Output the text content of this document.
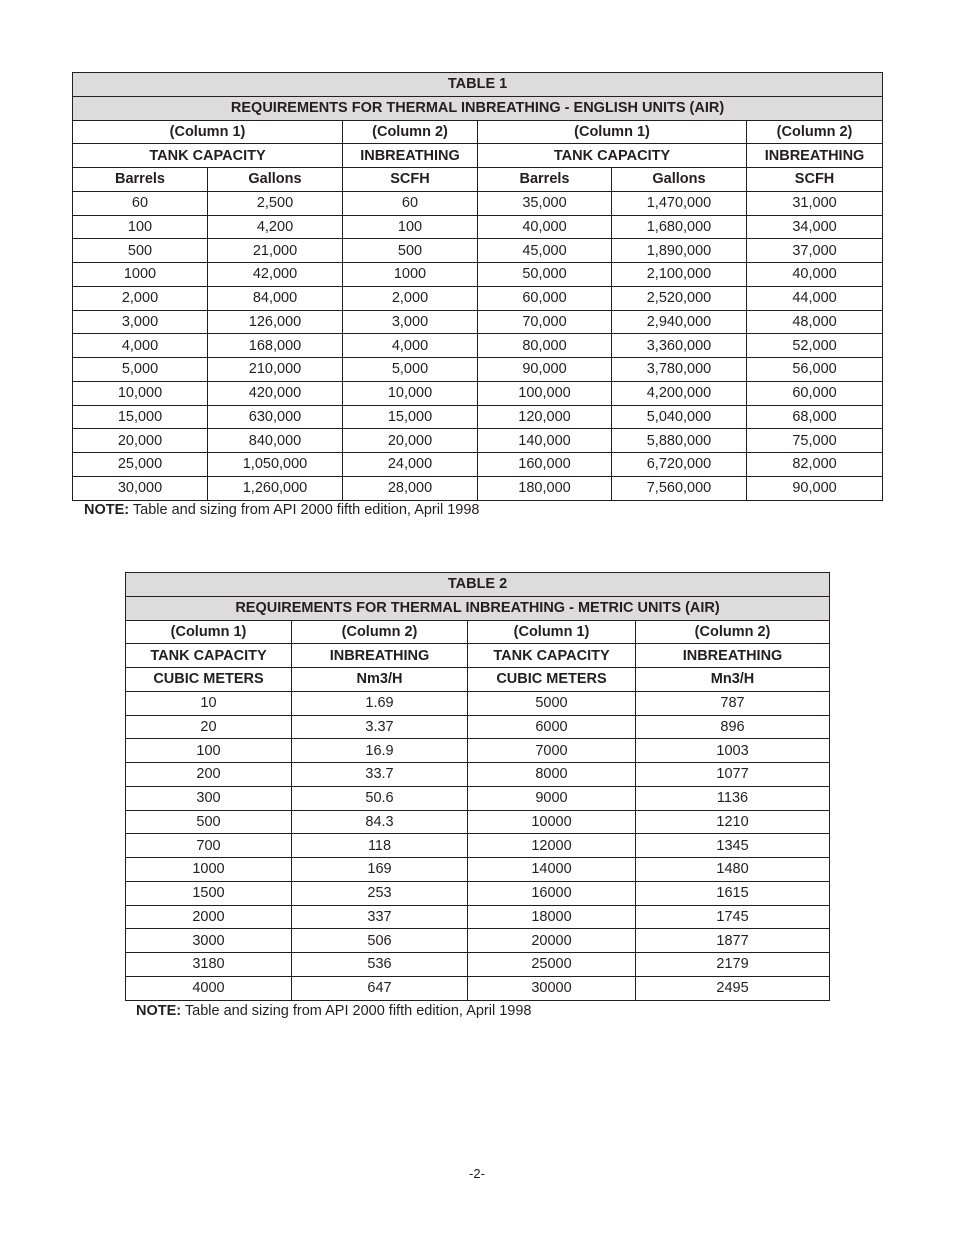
TABLE 1					
REQUIREMENTS FOR THERMAL INBREATHING - ENGLISH UNITS (AIR)					
(Column 1)		(Column 2)	(Column 1)		(Column 2)
TANK CAPACITY		INBREATHING	TANK CAPACITY		INBREATHING
Barrels	Gallons	SCFH	Barrels	Gallons	SCFH
60	2,500	60	35,000	1,470,000	31,000
100	4,200	100	40,000	1,680,000	34,000
500	21,000	500	45,000	1,890,000	37,000
1000	42,000	1000	50,000	2,100,000	40,000
2,000	84,000	2,000	60,000	2,520,000	44,000
3,000	126,000	3,000	70,000	2,940,000	48,000
4,000	168,000	4,000	80,000	3,360,000	52,000
5,000	210,000	5,000	90,000	3,780,000	56,000
10,000	420,000	10,000	100,000	4,200,000	60,000
15,000	630,000	15,000	120,000	5,040,000	68,000
20,000	840,000	20,000	140,000	5,880,000	75,000
25,000	1,050,000	24,000	160,000	6,720,000	82,000
30,000	1,260,000	28,000	180,000	7,560,000	90,000
NOTE: Table and sizing from API 2000 fifth edition, April 1998
TABLE 2			
REQUIREMENTS FOR THERMAL INBREATHING - METRIC UNITS (AIR)			
(Column 1)	(Column 2)	(Column 1)	(Column 2)
TANK CAPACITY	INBREATHING	TANK CAPACITY	INBREATHING
CUBIC METERS	Nm3/H	CUBIC METERS	Mn3/H
10	1.69	5000	787
20	3.37	6000	896
100	16.9	7000	1003
200	33.7	8000	1077
300	50.6	9000	1136
500	84.3	10000	1210
700	118	12000	1345
1000	169	14000	1480
1500	253	16000	1615
2000	337	18000	1745
3000	506	20000	1877
3180	536	25000	2179
4000	647	30000	2495
NOTE: Table and sizing from API 2000 fifth edition, April 1998
-2-
